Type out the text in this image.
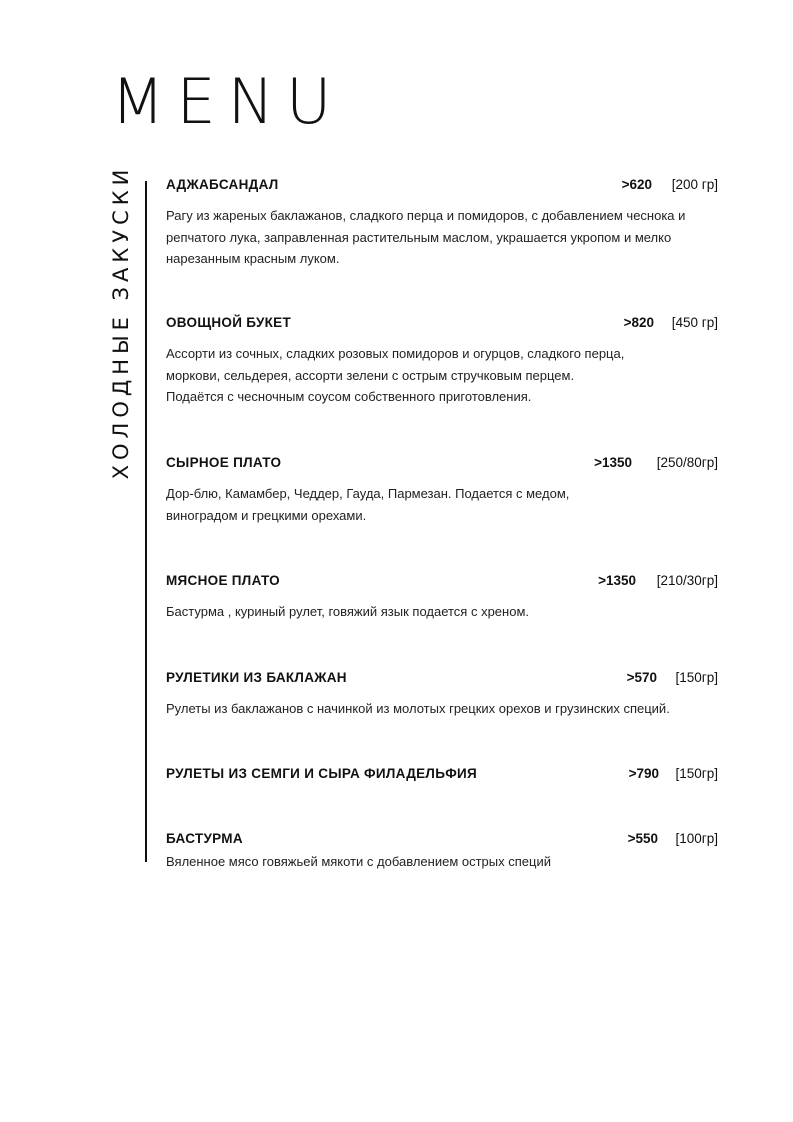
MENU
ХОЛОДНЫЕ ЗАКУСКИ АДЖАБСАНДАЛ	>620 [200 гр]
Рагу из жареных баклажанов, сладкого перца и помидоров, с добавлением чеснока и
репчатого лука, заправленная растительным маслом, украшается укропом и мелко
нарезанным красным луком.
ОВОЩНОЙ БУКЕТ	>820 [450 гр]
Ассорти из сочных, сладких розовых помидоров и огурцов, сладкого перца,
моркови, сельдерея, ассорти зелени с острым стручковым перцем.
Подаётся с чесночным соусом собственного приготовления.
СЫРНОЕ ПЛАТО	>1350 [250/80гр]
Дор-блю, Камамбер, Чеддер, Гауда, Пармезан. Подается с медом,
виноградом и грецкими орехами.
МЯСНОЕ ПЛАТО	>1350 [210/30гр]
Бастурма , куриный рулет, говяжий язык подается с хреном.
РУЛЕТИКИ ИЗ БАКЛАЖАН	>570 [150гр]
Рулеты из баклажанов с начинкой из молотых грецких орехов и грузинских специй.
РУЛЕТЫ ИЗ СЕМГИ И СЫРА ФИЛАДЕЛЬФИЯ	>790 [150гр]
БАСТУРМА	>550 [100гр]
Вяленное мясо говяжьей мякоти с добавлением острых специй
